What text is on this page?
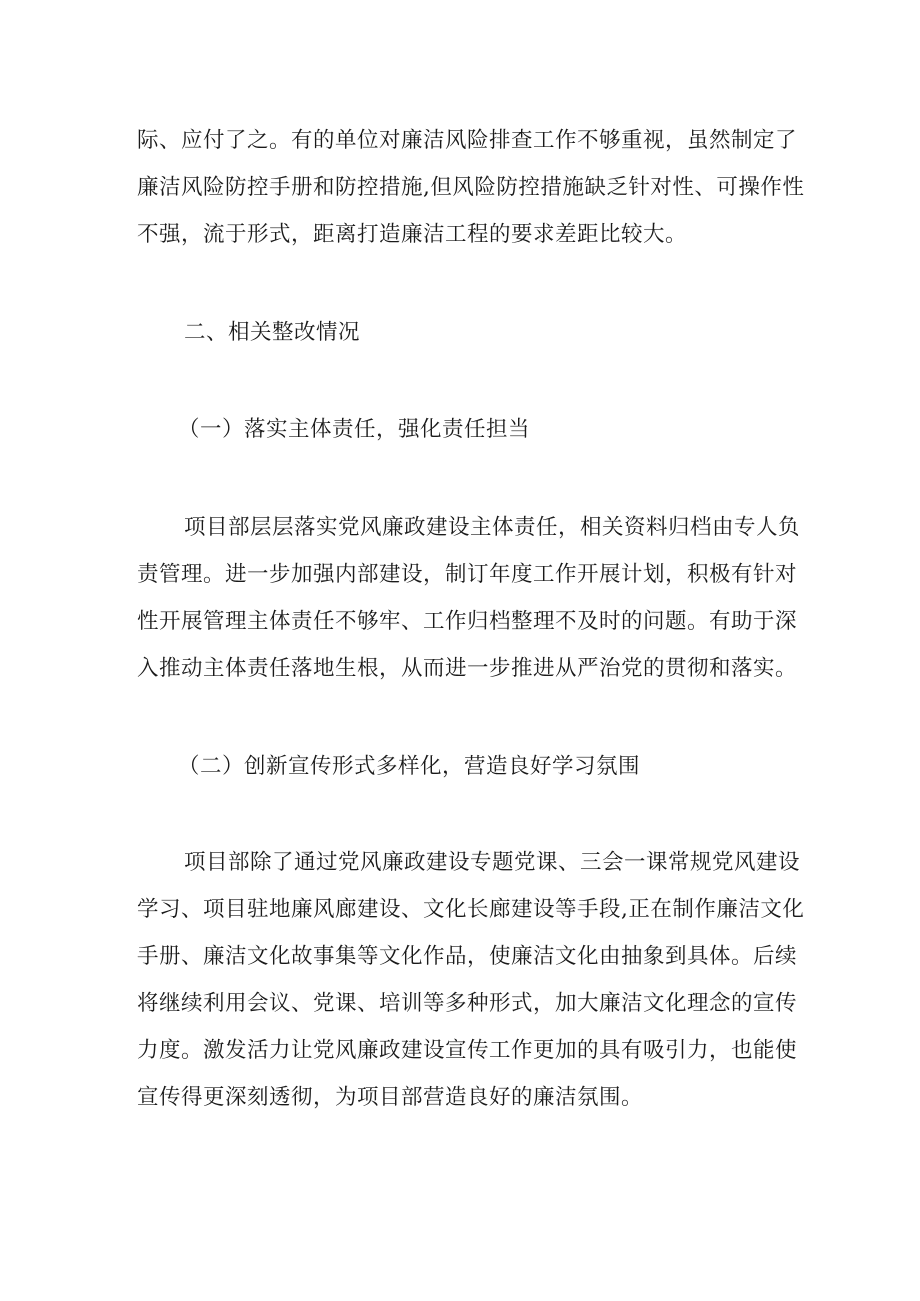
际、应付了之。有的单位对廉洁风险排查工作不够重视，虽然制定了
廉洁风险防控手册和防控措施,但风险防控措施缺乏针对性、可操作性
不强，流于形式，距离打造廉洁工程的要求差距比较大。
二、相关整改情况
（一）落实主体责任，强化责任担当
项目部层层落实党风廉政建设主体责任，相关资料归档由专人负
责管理。进一步加强内部建设，制订年度工作开展计划，积极有针对
性开展管理主体责任不够牢、工作归档整理不及时的问题。有助于深
入推动主体责任落地生根，从而进一步推进从严治党的贯彻和落实。
（二）创新宣传形式多样化，营造良好学习氛围
项目部除了通过党风廉政建设专题党课、三会一课常规党风建设
学习、项目驻地廉风廊建设、文化长廊建设等手段,正在制作廉洁文化
手册、廉洁文化故事集等文化作品，使廉洁文化由抽象到具体。后续
将继续利用会议、党课、培训等多种形式，加大廉洁文化理念的宣传
力度。激发活力让党风廉政建设宣传工作更加的具有吸引力，也能使
宣传得更深刻透彻，为项目部营造良好的廉洁氛围。
